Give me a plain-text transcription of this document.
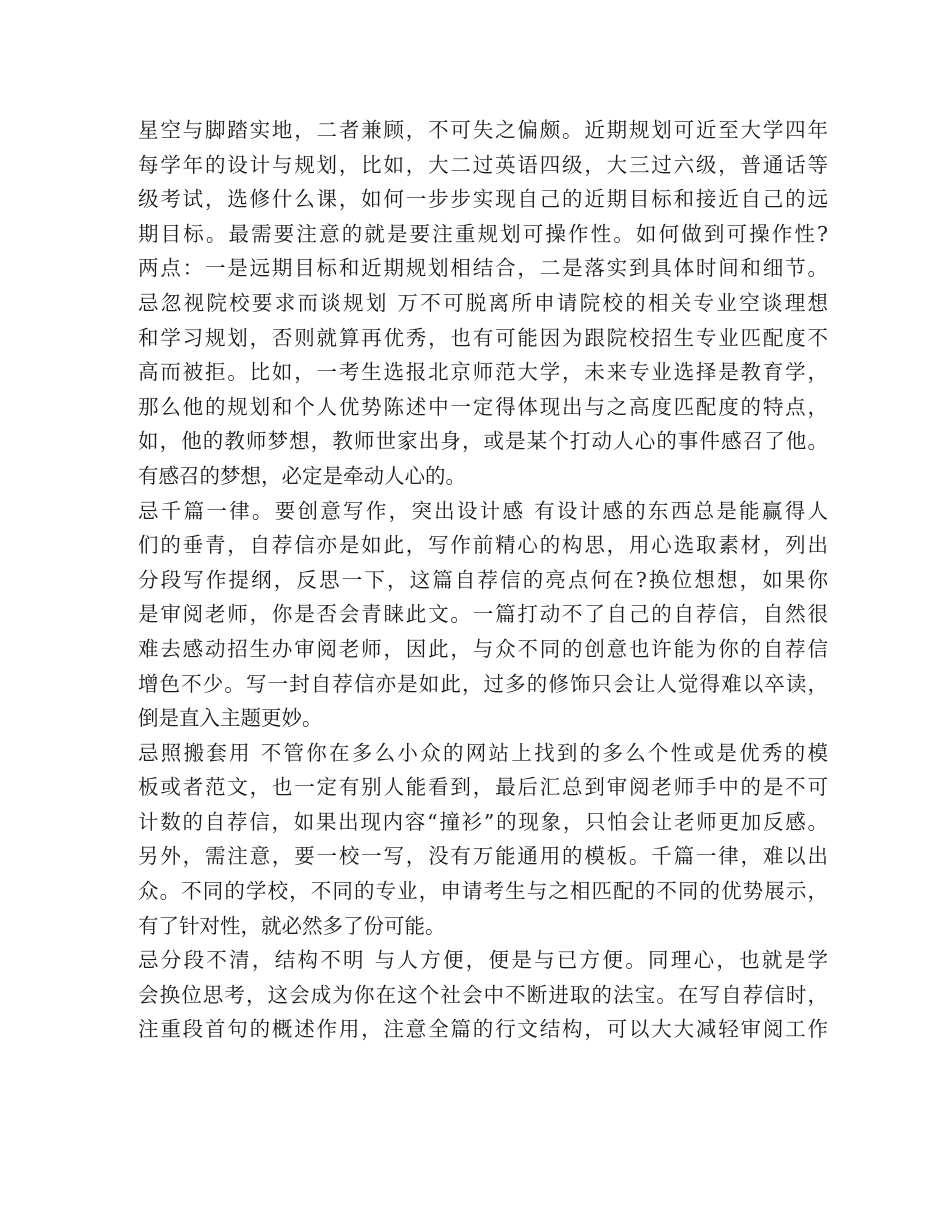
星空与脚踏实地，二者兼顾，不可失之偏颇。近期规划可近至大学四年
每学年的设计与规划，比如，大二过英语四级，大三过六级，普通话等
级考试，选修什么课，如何一步步实现自己的近期目标和接近自己的远
期目标。最需要注意的就是要注重规划可操作性。如何做到可操作性?
两点：一是远期目标和近期规划相结合，二是落实到具体时间和细节。
忌忽视院校要求而谈规划 万不可脱离所申请院校的相关专业空谈理想
和学习规划，否则就算再优秀，也有可能因为跟院校招生专业匹配度不
高而被拒。比如，一考生选报北京师范大学，未来专业选择是教育学，
那么他的规划和个人优势陈述中一定得体现出与之高度匹配度的特点，
如，他的教师梦想，教师世家出身，或是某个打动人心的事件感召了他。
有感召的梦想，必定是牵动人心的。
忌千篇一律。要创意写作，突出设计感 有设计感的东西总是能赢得人
们的垂青，自荐信亦是如此，写作前精心的构思，用心选取素材，列出
分段写作提纲，反思一下，这篇自荐信的亮点何在?换位想想，如果你
是审阅老师，你是否会青睐此文。一篇打动不了自己的自荐信，自然很
难去感动招生办审阅老师，因此，与众不同的创意也许能为你的自荐信
增色不少。写一封自荐信亦是如此，过多的修饰只会让人觉得难以卒读，
倒是直入主题更妙。
忌照搬套用 不管你在多么小众的网站上找到的多么个性或是优秀的模
板或者范文，也一定有别人能看到，最后汇总到审阅老师手中的是不可
计数的自荐信，如果出现内容“撞衫”的现象，只怕会让老师更加反感。
另外，需注意，要一校一写，没有万能通用的模板。千篇一律，难以出
众。不同的学校，不同的专业，申请考生与之相匹配的不同的优势展示，
有了针对性，就必然多了份可能。
忌分段不清，结构不明 与人方便，便是与已方便。同理心，也就是学
会换位思考，这会成为你在这个社会中不断进取的法宝。在写自荐信时，
注重段首句的概述作用，注意全篇的行文结构，可以大大减轻审阅工作
